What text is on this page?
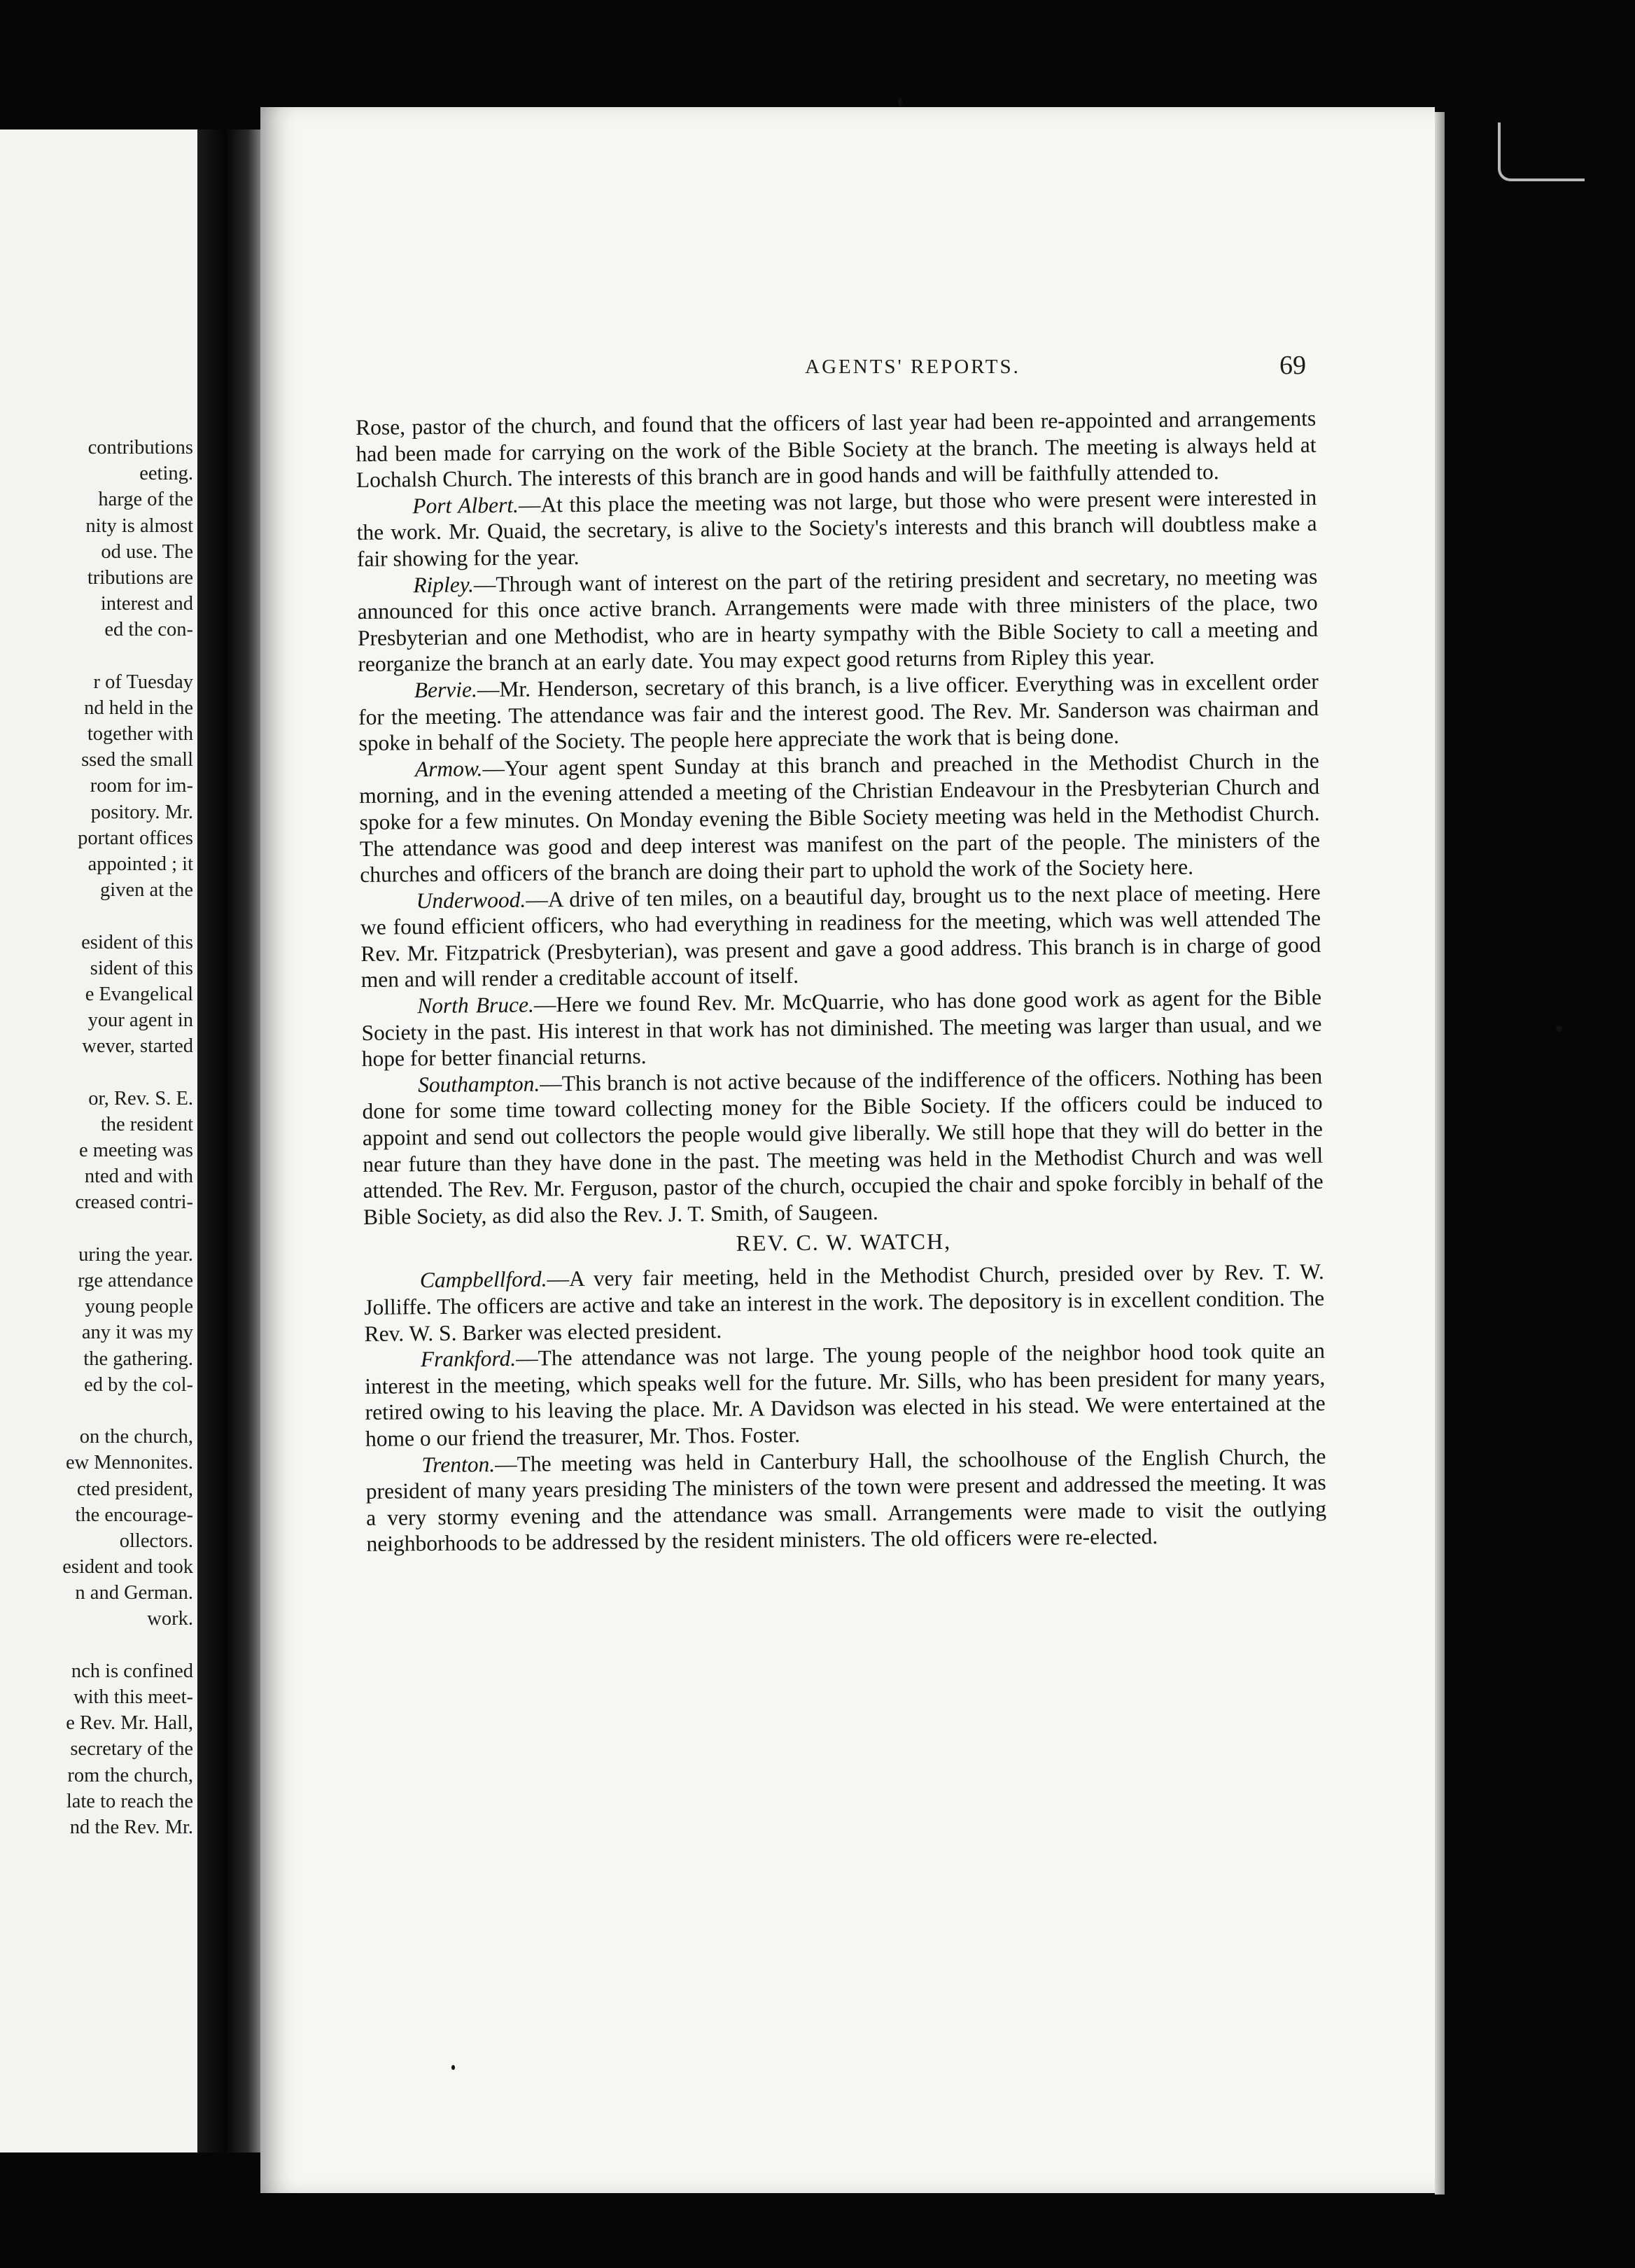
contributions
eeting.
harge of the
nity is almost
od use. The
tributions are
interest and
ed the con-
r of Tuesday
nd held in the
together with
ssed the small
room for im-
pository. Mr.
portant offices
appointed ; it
given at the
esident of this
sident of this
e Evangelical
your agent in
wever, started
or, Rev. S. E.
the resident
e meeting was
nted and with
creased contri-
uring the year.
rge attendance
young people
any it was my
the gathering.
ed by the col-
on the church,
ew Mennonites.
cted president,
the encourage-
ollectors.
esident and took
n and German.
work.
nch is confined
with this meet-
e Rev. Mr. Hall,
secretary of the
rom the church,
late to reach the
nd the Rev. Mr.
AGENTS' REPORTS.	69

Rose, pastor of the church, and found that the officers of last year had been re-appointed and arrangements had been made for carrying on the work of the Bible Society at the branch. The meeting is always held at Lochalsh Church. The interests of this branch are in good hands and will be faithfully attended to.

Port Albert.—At this place the meeting was not large, but those who were present were interested in the work. Mr. Quaid, the secretary, is alive to the Society's interests and this branch will doubtless make a fair showing for the year.

Ripley.—Through want of interest on the part of the retiring president and secretary, no meeting was announced for this once active branch. Arrangements were made with three ministers of the place, two Presbyterian and one Methodist, who are in hearty sympathy with the Bible Society to call a meeting and reorganize the branch at an early date. You may expect good returns from Ripley this year.

Bervie.—Mr. Henderson, secretary of this branch, is a live officer. Everything was in excellent order for the meeting. The attendance was fair and the interest good. The Rev. Mr. Sanderson was chairman and spoke in behalf of the Society. The people here appreciate the work that is being done.

Armow.—Your agent spent Sunday at this branch and preached in the Methodist Church in the morning, and in the evening attended a meeting of the Christian Endeavour in the Presbyterian Church and spoke for a few minutes. On Monday evening the Bible Society meeting was held in the Methodist Church. The attendance was good and deep interest was manifest on the part of the people. The ministers of the churches and officers of the branch are doing their part to uphold the work of the Society here.

Underwood.—A drive of ten miles, on a beautiful day, brought us to the next place of meeting. Here we found efficient officers, who had everything in readiness for the meeting, which was well attended The Rev. Mr. Fitzpatrick (Presbyterian), was present and gave a good address. This branch is in charge of good men and will render a creditable account of itself.

North Bruce.—Here we found Rev. Mr. McQuarrie, who has done good work as agent for the Bible Society in the past. His interest in that work has not diminished. The meeting was larger than usual, and we hope for better financial returns.

Southampton.—This branch is not active because of the indifference of the officers. Nothing has been done for some time toward collecting money for the Bible Society. If the officers could be induced to appoint and send out collectors the people would give liberally. We still hope that they will do better in the near future than they have done in the past. The meeting was held in the Methodist Church and was well attended. The Rev. Mr. Ferguson, pastor of the church, occupied the chair and spoke forcibly in behalf of the Bible Society, as did also the Rev. J. T. Smith, of Saugeen.

REV. C. W. WATCH,

Campbellford.—A very fair meeting, held in the Methodist Church, presided over by Rev. T. W. Jolliffe. The officers are active and take an interest in the work. The depository is in excellent condition. The Rev. W. S. Barker was elected president.

Frankford.—The attendance was not large. The young people of the neighbor hood took quite an interest in the meeting, which speaks well for the future. Mr. Sills, who has been president for many years, retired owing to his leaving the place. Mr. A Davidson was elected in his stead. We were entertained at the home o our friend the treasurer, Mr. Thos. Foster.

Trenton.—The meeting was held in Canterbury Hall, the schoolhouse of the English Church, the president of many years presiding The ministers of the town were present and addressed the meeting. It was a very stormy evening and the attendance was small. Arrangements were made to visit the outlying neighborhoods to be addressed by the resident ministers. The old officers were re-elected.
